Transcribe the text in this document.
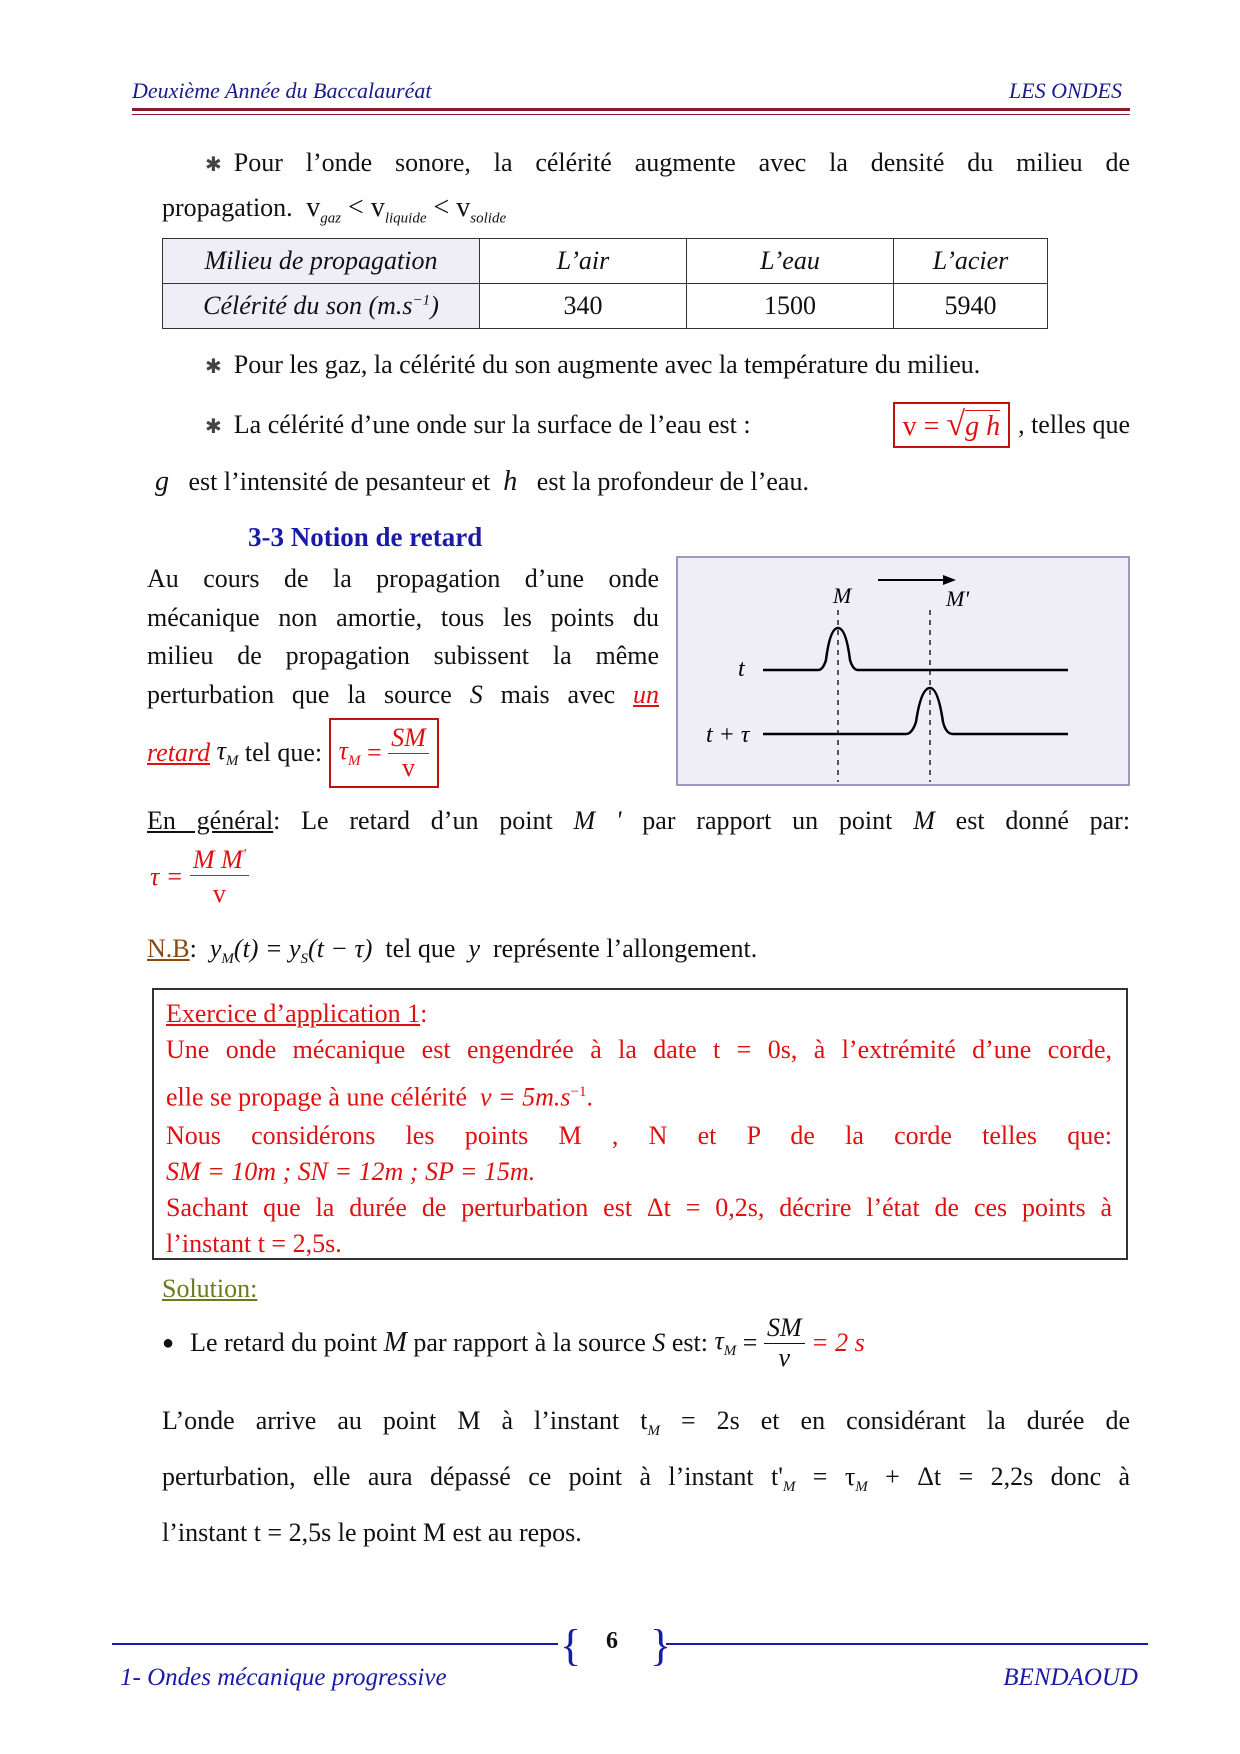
Deuxième Année du Baccalauréat	LES ONDES
✱ Pour l’onde sonore, la célérité augmente avec la densité du milieu de
propagation. $v_{gaz} < v_{liquide} < v_{solide}$
Milieu de propagation	L’air	L’eau	L’acier
Célérité du son $(m.s^{-1})$	340	1500	5940
✱ Pour les gaz, la célérité du son augmente avec la température du milieu.
✱ La célérité d’une onde sur la surface de l’eau est :	v = √g h , telles que
g est l’intensité de pesanteur et h est la profondeur de l’eau.
3-3 Notion de retard
Au cours de la propagation d’une onde
mécanique non amortie, tous les points du
milieu de propagation subissent la même
perturbation que la source S mais avec un
retard
$\tau_M$
tel que:
$\tau_M$
=
$\frac{SM}{v}$
M	M'
t
t + τ
En général: Le retard d’un point M ' par rapport un point M est donné par:
τ =
$\frac{M M'}{v}$
N.B:  $y_M(t) = y_S(t - \tau)$ tel que y représente l’allongement.
Exercice d’application 1:
Une onde mécanique est engendrée à la date t = 0s, à l’extrémité d’une corde,
elle se propage à une célérité $v = 5m.s^{-1}$.
Nous considérons les points M , N et P de la corde telles que:
SM = 10m ; SN = 12m ; SP = 15m.
Sachant que la durée de perturbation est Δt = 0,2s, décrire l’état de ces points à
l’instant t = 2,5s.
Solution:
● Le retard du point
M
par rapport à la source
S
est:
$\tau_M$
=
$\frac{SM}{v}$
= 2 s
L’onde arrive au point M à l’instant $t_M = 2s$ et en considérant la durée de
perturbation, elle aura dépassé ce point à l’instant $t'_M = \tau_M + \Delta t = 2,2s$ donc à
l’instant t = 2,5s le point M est au repos.
{ 6 }
1- Ondes mécanique progressive	BENDAOUD
